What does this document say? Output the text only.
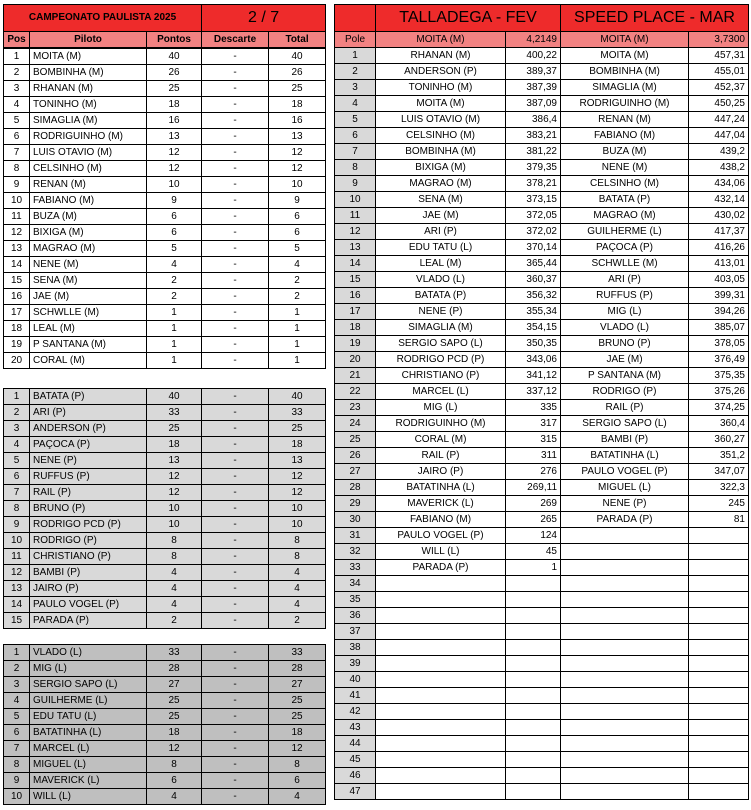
CAMPEONATO PAULISTA 2025			2 / 7	
Pos	Piloto	Pontos	Descarte	Total
1	MOITA (M)	40	-	40
2	BOMBINHA (M)	26	-	26
3	RHANAN (M)	25	-	25
4	TONINHO (M)	18	-	18
5	SIMAGLIA (M)	16	-	16
6	RODRIGUINHO (M)	13	-	13
7	LUIS OTAVIO (M)	12	-	12
8	CELSINHO (M)	12	-	12
9	RENAN (M)	10	-	10
10	FABIANO (M)	9	-	9
11	BUZA (M)	6	-	6
12	BIXIGA (M)	6	-	6
13	MAGRAO (M)	5	-	5
14	NENE (M)	4	-	4
15	SENA (M)	2	-	2
16	JAE (M)	2	-	2
17	SCHWLLE (M)	1	-	1
18	LEAL (M)	1	-	1
19	P SANTANA (M)	1	-	1
20	CORAL (M)	1	-	1
1	BATATA (P)	40	-	40
2	ARI (P)	33	-	33
3	ANDERSON (P)	25	-	25
4	PAÇOCA (P)	18	-	18
5	NENE (P)	13	-	13
6	RUFFUS (P)	12	-	12
7	RAIL (P)	12	-	12
8	BRUNO (P)	10	-	10
9	RODRIGO PCD (P)	10	-	10
10	RODRIGO (P)	8	-	8
11	CHRISTIANO (P)	8	-	8
12	BAMBI (P)	4	-	4
13	JAIRO (P)	4	-	4
14	PAULO VOGEL (P)	4	-	4
15	PARADA (P)	2	-	2
1	VLADO (L)	33	-	33
2	MIG (L)	28	-	28
3	SERGIO SAPO (L)	27	-	27
4	GUILHERME (L)	25	-	25
5	EDU TATU (L)	25	-	25
6	BATATINHA (L)	18	-	18
7	MARCEL (L)	12	-	12
8	MIGUEL (L)	8	-	8
9	MAVERICK (L)	6	-	6
10	WILL (L)	4	-	4
	TALLADEGA - FEV		SPEED PLACE - MAR	
Pole	MOITA (M)	4,2149	MOITA (M)	3,7300
1	RHANAN (M)	400,22	MOITA (M)	457,31
2	ANDERSON (P)	389,37	BOMBINHA (M)	455,01
3	TONINHO (M)	387,39	SIMAGLIA (M)	452,37
4	MOITA (M)	387,09	RODRIGUINHO (M)	450,25
5	LUIS OTAVIO (M)	386,4	RENAN (M)	447,24
6	CELSINHO (M)	383,21	FABIANO (M)	447,04
7	BOMBINHA (M)	381,22	BUZA (M)	439,2
8	BIXIGA (M)	379,35	NENE (M)	438,2
9	MAGRAO (M)	378,21	CELSINHO (M)	434,06
10	SENA (M)	373,15	BATATA (P)	432,14
11	JAE (M)	372,05	MAGRAO (M)	430,02
12	ARI (P)	372,02	GUILHERME (L)	417,37
13	EDU TATU (L)	370,14	PAÇOCA (P)	416,26
14	LEAL (M)	365,44	SCHWLLE (M)	413,01
15	VLADO (L)	360,37	ARI (P)	403,05
16	BATATA (P)	356,32	RUFFUS (P)	399,31
17	NENE (P)	355,34	MIG (L)	394,26
18	SIMAGLIA (M)	354,15	VLADO (L)	385,07
19	SERGIO SAPO (L)	350,35	BRUNO (P)	378,05
20	RODRIGO PCD (P)	343,06	JAE (M)	376,49
21	CHRISTIANO (P)	341,12	P SANTANA (M)	375,35
22	MARCEL (L)	337,12	RODRIGO (P)	375,26
23	MIG (L)	335	RAIL (P)	374,25
24	RODRIGUINHO (M)	317	SERGIO SAPO (L)	360,4
25	CORAL (M)	315	BAMBI (P)	360,27
26	RAIL (P)	311	BATATINHA (L)	351,2
27	JAIRO (P)	276	PAULO VOGEL (P)	347,07
28	BATATINHA (L)	269,11	MIGUEL (L)	322,3
29	MAVERICK (L)	269	NENE (P)	245
30	FABIANO (M)	265	PARADA (P)	81
31	PAULO VOGEL (P)	124		
32	WILL (L)	45		
33	PARADA (P)	1		
34				
35				
36				
37				
38				
39				
40				
41				
42				
43				
44				
45				
46				
47				
